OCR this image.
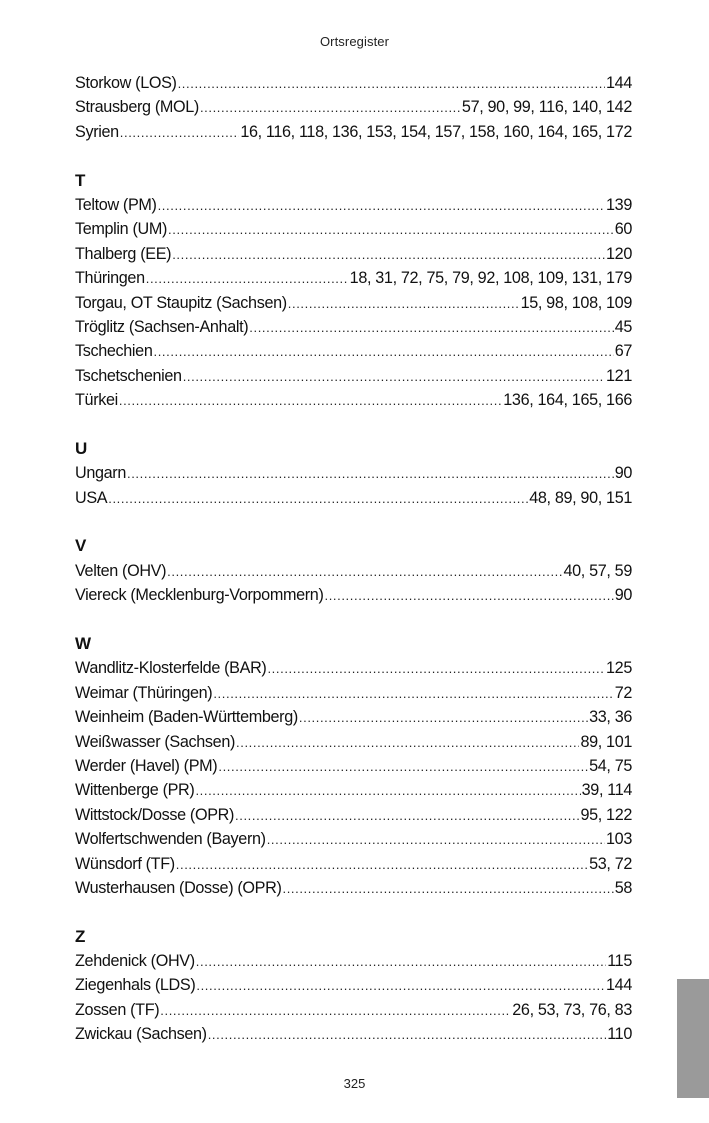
Ortsregister
Storkow (LOS) .....	144
Strausberg (MOL) .....	57, 90, 99, 116, 140, 142
Syrien .....	16, 116, 118, 136, 153, 154, 157, 158, 160, 164, 165, 172
T
Teltow (PM) .....	139
Templin (UM) .....	60
Thalberg (EE) .....	120
Thüringen .....	18, 31, 72, 75, 79, 92, 108, 109, 131, 179
Torgau, OT Staupitz (Sachsen) .....	15, 98, 108, 109
Tröglitz (Sachsen-Anhalt) .....	45
Tschechien .....	67
Tschetschenien .....	121
Türkei .....	136, 164, 165, 166
U
Ungarn .....	90
USA .....	48, 89, 90, 151
V
Velten (OHV) .....	40, 57, 59
Viereck (Mecklenburg-Vorpommern) .....	90
W
Wandlitz-Klosterfelde (BAR) .....	125
Weimar (Thüringen) .....	72
Weinheim (Baden-Württemberg) .....	33, 36
Weißwasser (Sachsen) .....	89, 101
Werder (Havel) (PM) .....	54, 75
Wittenberge (PR) .....	39, 114
Wittstock/Dosse (OPR) .....	95, 122
Wolfertschwenden (Bayern) .....	103
Wünsdorf (TF) .....	53, 72
Wusterhausen (Dosse) (OPR) .....	58
Z
Zehdenick (OHV) .....	115
Ziegenhals (LDS) .....	144
Zossen (TF) .....	26, 53, 73, 76, 83
Zwickau (Sachsen) .....	110
325
